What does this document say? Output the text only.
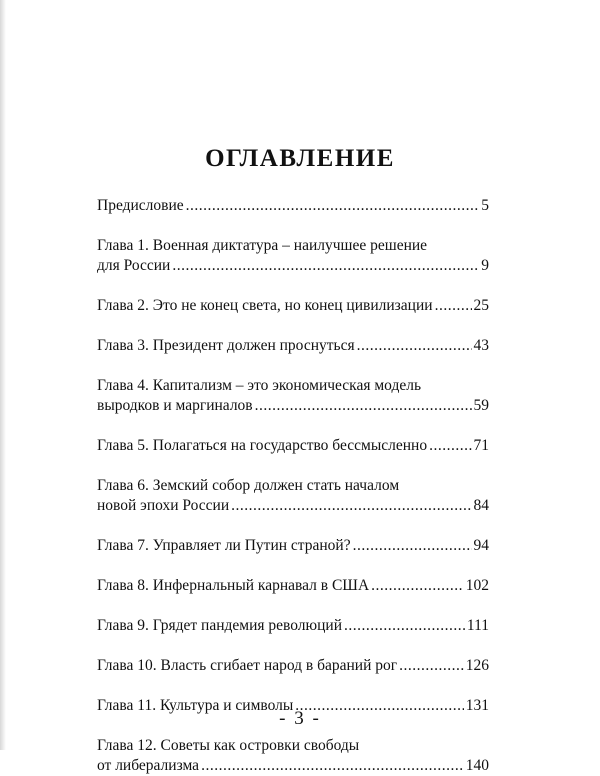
ОГЛАВЛЕНИЕ
Предисловие .....	5
Глава 1. Военная диктатура – наилучшее решение
для России .....	9
Глава 2. Это не конец света, но конец цивилизации .....	25
Глава 3. Президент должен проснуться .....	43
Глава 4. Капитализм – это экономическая модель
выродков и маргиналов .....	59
Глава 5. Полагаться на государство бессмысленно .....	71
Глава 6. Земский собор должен стать началом
новой эпохи России .....	84
Глава 7. Управляет ли Путин страной? .....	94
Глава 8. Инфернальный карнавал в США .....	102
Глава 9. Грядет пандемия революций .....	111
Глава 10. Власть сгибает народ в бараний рог .....	126
Глава 11. Культура и символы .....	131
Глава 12. Советы как островки свободы
от либерализма .....	140
- 3 -
